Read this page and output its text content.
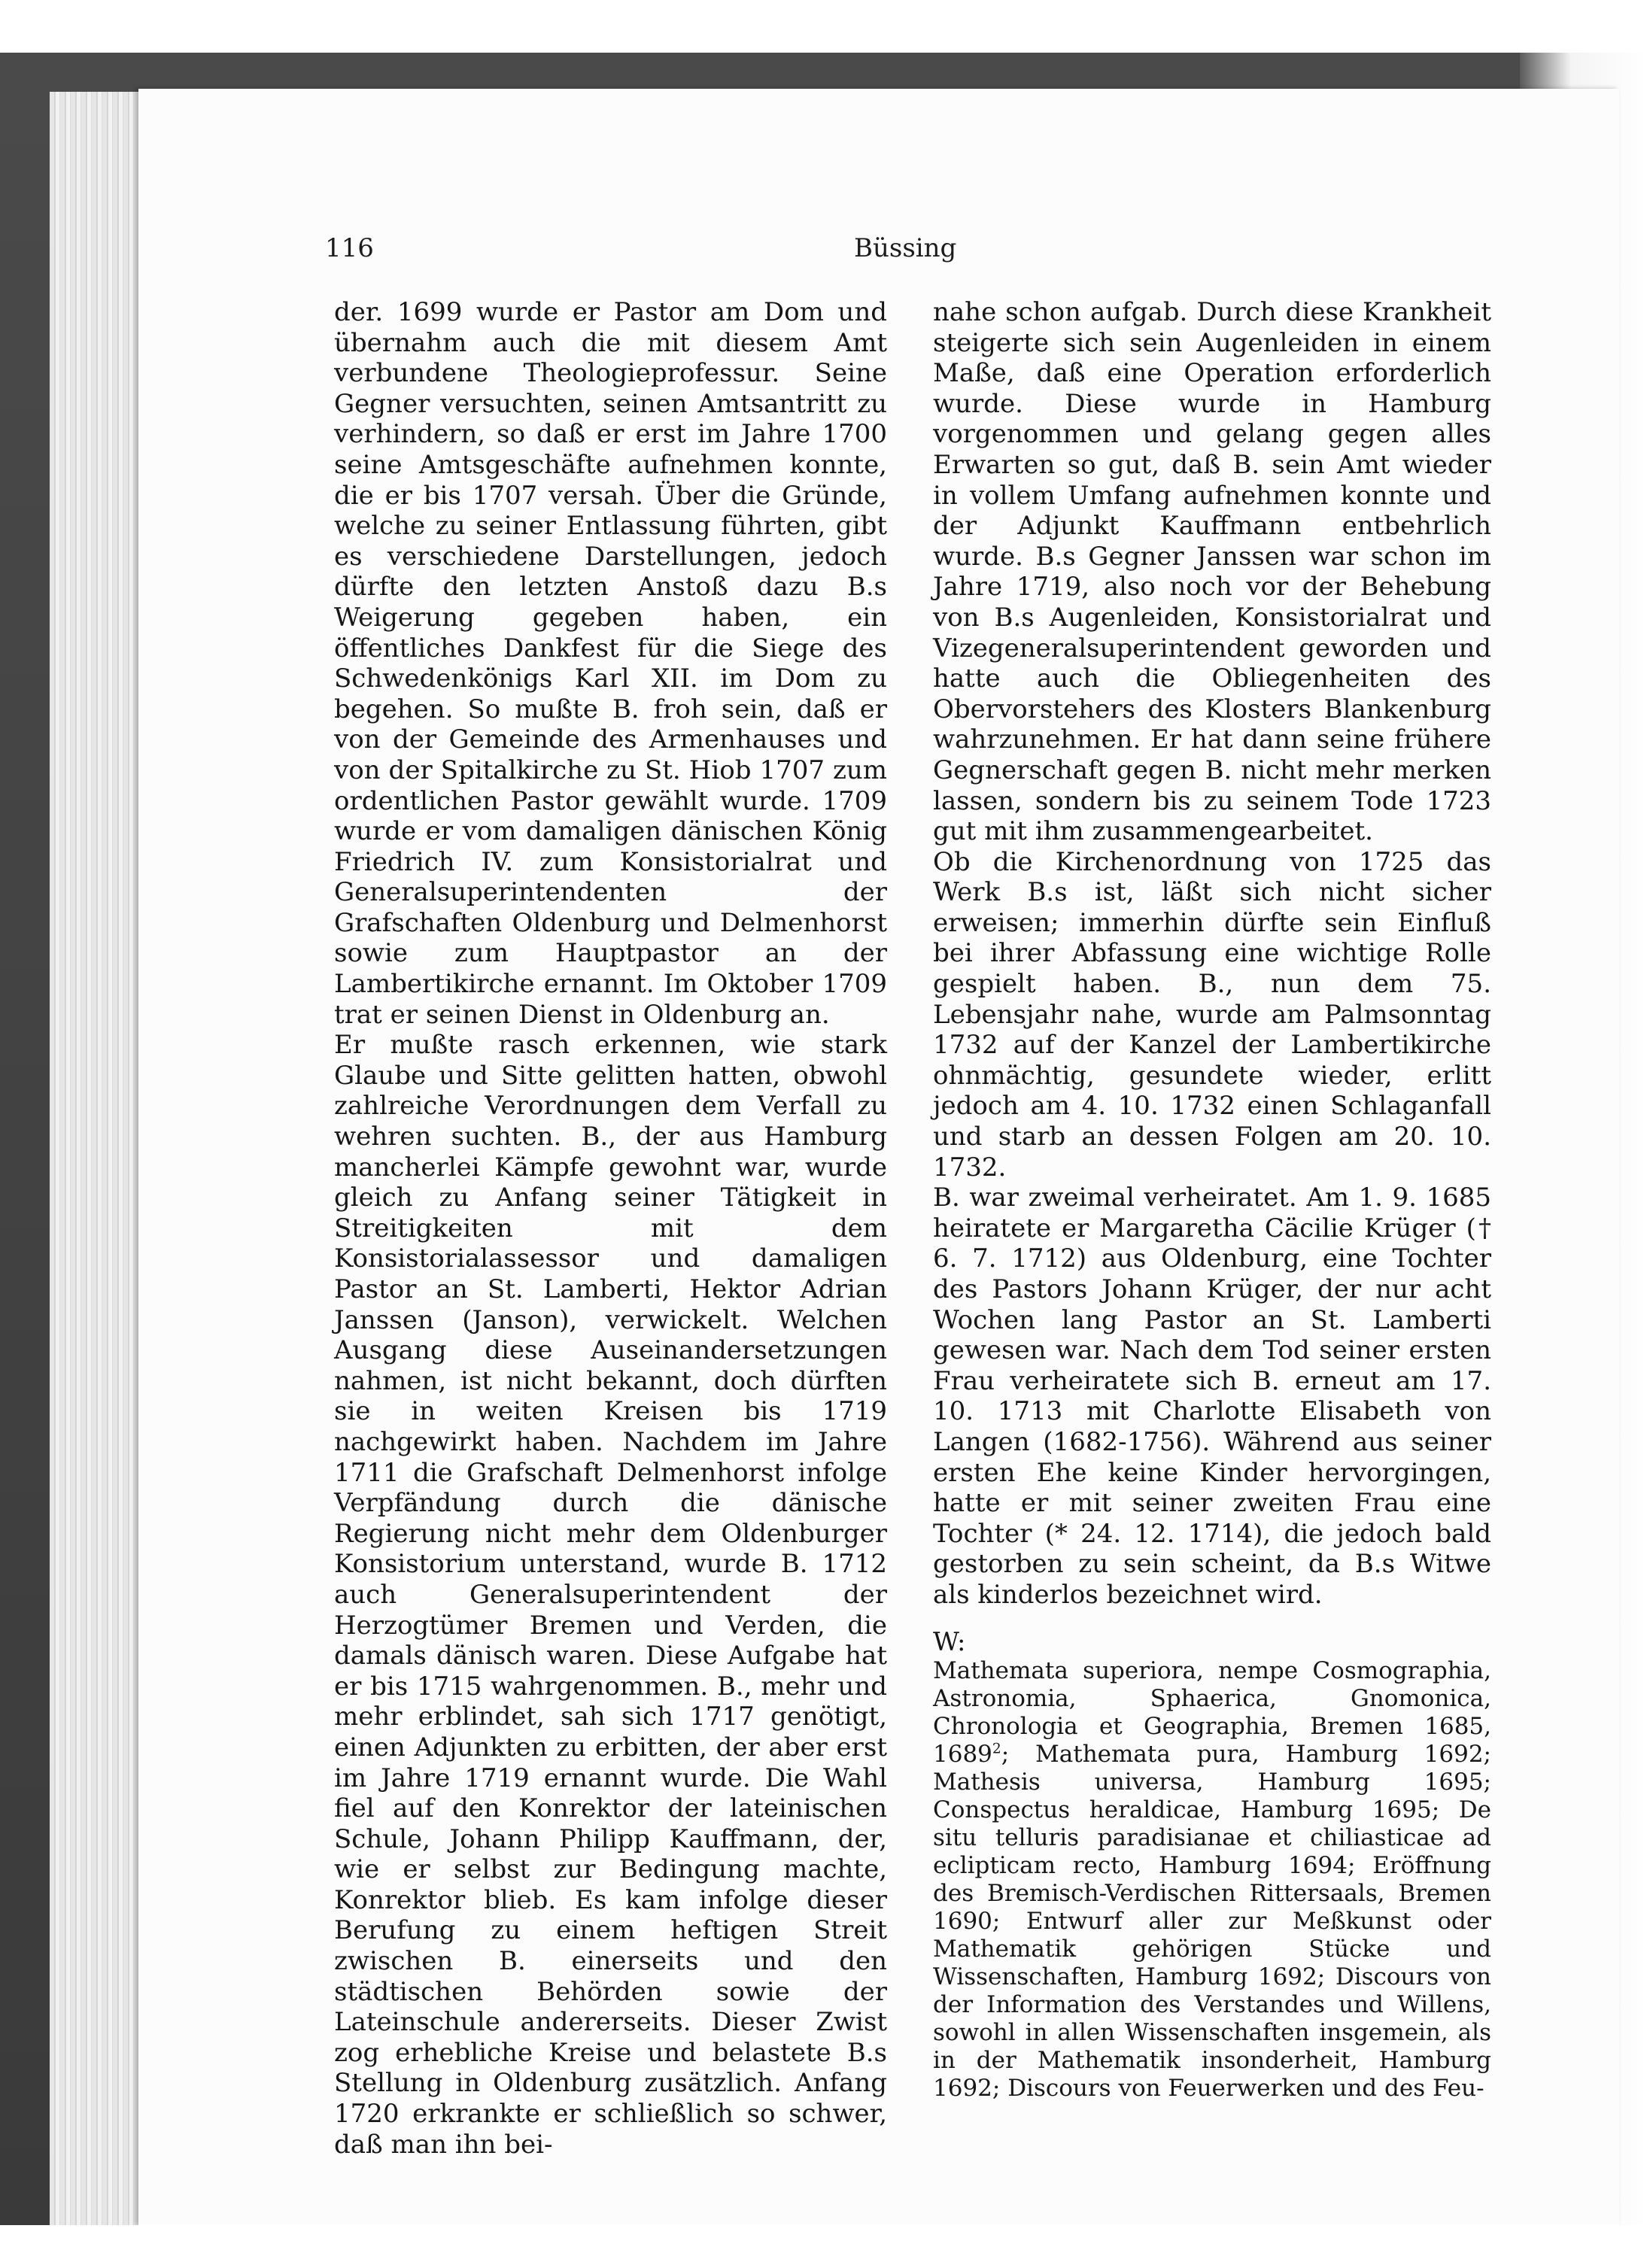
116	Büssing

der. 1699 wurde er Pastor am Dom und übernahm auch die mit diesem Amt verbundene Theologieprofessur. Seine Gegner versuchten, seinen Amtsantritt zu verhindern, so daß er erst im Jahre 1700 seine Amtsgeschäfte aufnehmen konnte, die er bis 1707 versah. Über die Gründe, welche zu seiner Entlassung führten, gibt es verschiedene Darstellungen, jedoch dürfte den letzten Anstoß dazu B.s Weigerung gegeben haben, ein öffentliches Dankfest für die Siege des Schwedenkönigs Karl XII. im Dom zu begehen. So mußte B. froh sein, daß er von der Gemeinde des Armenhauses und von der Spitalkirche zu St. Hiob 1707 zum ordentlichen Pastor gewählt wurde. 1709 wurde er vom damaligen dänischen König Friedrich IV. zum Konsistorialrat und Generalsuperintendenten der Grafschaften Oldenburg und Delmenhorst sowie zum Hauptpastor an der Lambertikirche ernannt. Im Oktober 1709 trat er seinen Dienst in Oldenburg an.

Er mußte rasch erkennen, wie stark Glaube und Sitte gelitten hatten, obwohl zahlreiche Verordnungen dem Verfall zu wehren suchten. B., der aus Hamburg mancherlei Kämpfe gewohnt war, wurde gleich zu Anfang seiner Tätigkeit in Streitigkeiten mit dem Konsistorialassessor und damaligen Pastor an St. Lamberti, Hektor Adrian Janssen (Janson), verwickelt. Welchen Ausgang diese Auseinandersetzungen nahmen, ist nicht bekannt, doch dürften sie in weiten Kreisen bis 1719 nachgewirkt haben. Nachdem im Jahre 1711 die Grafschaft Delmenhorst infolge Verpfändung durch die dänische Regierung nicht mehr dem Oldenburger Konsistorium unterstand, wurde B. 1712 auch Generalsuperintendent der Herzogtümer Bremen und Verden, die damals dänisch waren. Diese Aufgabe hat er bis 1715 wahrgenommen. B., mehr und mehr erblindet, sah sich 1717 genötigt, einen Adjunkten zu erbitten, der aber erst im Jahre 1719 ernannt wurde. Die Wahl fiel auf den Konrektor der lateinischen Schule, Johann Philipp Kauffmann, der, wie er selbst zur Bedingung machte, Konrektor blieb. Es kam infolge dieser Berufung zu einem heftigen Streit zwischen B. einerseits und den städtischen Behörden sowie der Lateinschule andererseits. Dieser Zwist zog erhebliche Kreise und belastete B.s Stellung in Oldenburg zusätzlich. Anfang 1720 erkrankte er schließlich so schwer, daß man ihn bei-

nahe schon aufgab. Durch diese Krankheit steigerte sich sein Augenleiden in einem Maße, daß eine Operation erforderlich wurde. Diese wurde in Hamburg vorgenommen und gelang gegen alles Erwarten so gut, daß B. sein Amt wieder in vollem Umfang aufnehmen konnte und der Adjunkt Kauffmann entbehrlich wurde. B.s Gegner Janssen war schon im Jahre 1719, also noch vor der Behebung von B.s Augenleiden, Konsistorialrat und Vizegeneralsuperintendent geworden und hatte auch die Obliegenheiten des Obervorstehers des Klosters Blankenburg wahrzunehmen. Er hat dann seine frühere Gegnerschaft gegen B. nicht mehr merken lassen, sondern bis zu seinem Tode 1723 gut mit ihm zusammengearbeitet.

Ob die Kirchenordnung von 1725 das Werk B.s ist, läßt sich nicht sicher erweisen; immerhin dürfte sein Einfluß bei ihrer Abfassung eine wichtige Rolle gespielt haben. B., nun dem 75. Lebensjahr nahe, wurde am Palmsonntag 1732 auf der Kanzel der Lambertikirche ohnmächtig, gesundete wieder, erlitt jedoch am 4. 10. 1732 einen Schlaganfall und starb an dessen Folgen am 20. 10. 1732.

B. war zweimal verheiratet. Am 1. 9. 1685 heiratete er Margaretha Cäcilie Krüger († 6. 7. 1712) aus Oldenburg, eine Tochter des Pastors Johann Krüger, der nur acht Wochen lang Pastor an St. Lamberti gewesen war. Nach dem Tod seiner ersten Frau verheiratete sich B. erneut am 17. 10. 1713 mit Charlotte Elisabeth von Langen (1682-1756). Während aus seiner ersten Ehe keine Kinder hervorgingen, hatte er mit seiner zweiten Frau eine Tochter (* 24. 12. 1714), die jedoch bald gestorben zu sein scheint, da B.s Witwe als kinderlos bezeichnet wird.

W:

Mathemata superiora, nempe Cosmographia, Astronomia, Sphaerica, Gnomonica, Chronologia et Geographia, Bremen 1685, 1689$^2$; Mathemata pura, Hamburg 1692; Mathesis universa, Hamburg 1695; Conspectus heraldicae, Hamburg 1695; De situ telluris paradisianae et chiliasticae ad eclipticam recto, Hamburg 1694; Eröffnung des Bremisch-Verdischen Rittersaals, Bremen 1690; Entwurf aller zur Meßkunst oder Mathematik gehörigen Stücke und Wissenschaften, Hamburg 1692; Discours von der Information des Verstandes und Willens, sowohl in allen Wissenschaften insgemein, als in der Mathematik insonderheit, Hamburg 1692; Discours von Feuerwerken und des Feu-
